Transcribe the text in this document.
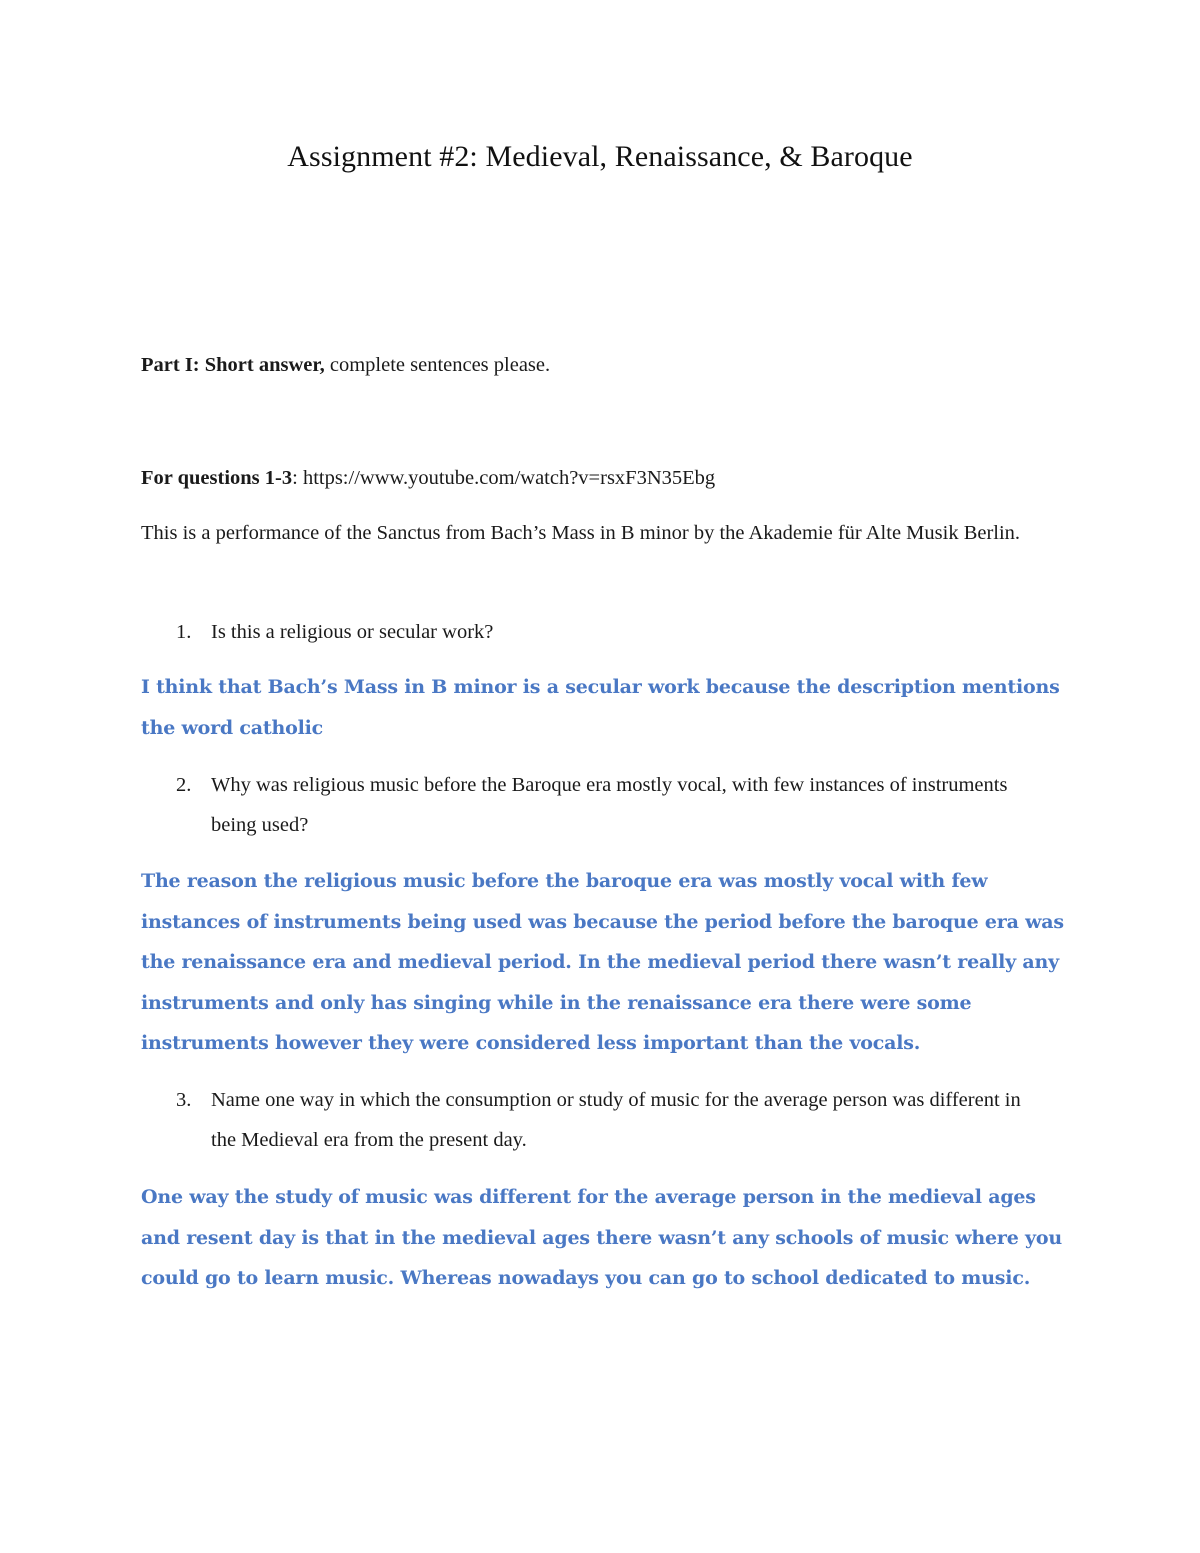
Assignment #2: Medieval, Renaissance, & Baroque
Part I: Short answer, complete sentences please.
For questions 1-3: https://www.youtube.com/watch?v=rsxF3N35Ebg
This is a performance of the Sanctus from Bach’s Mass in B minor by the Akademie für Alte Musik Berlin.
1. Is this a religious or secular work?
I think that Bach’s Mass in B minor is a secular work because the description mentions the word catholic
2. Why was religious music before the Baroque era mostly vocal, with few instances of instruments being used?
The reason the religious music before the baroque era was mostly vocal with few instances of instruments being used was because the period before the baroque era was the renaissance era and medieval period. In the medieval period there wasn’t really any instruments and only has singing while in the renaissance era there were some instruments however they were considered less important than the vocals.
3. Name one way in which the consumption or study of music for the average person was different in the Medieval era from the present day.
One way the study of music was different for the average person in the medieval ages and resent day is that in the medieval ages there wasn’t any schools of music where you could go to learn music. Whereas nowadays you can go to school dedicated to music.
